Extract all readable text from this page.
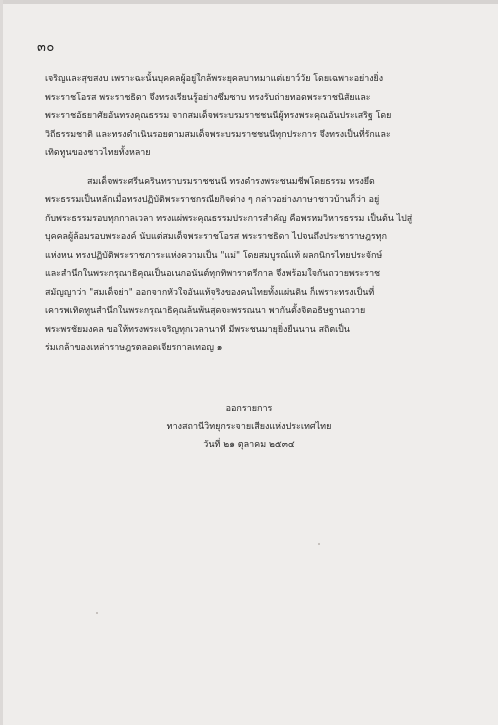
๓๐
เจริญและสุขสงบ เพราะฉะนั้นบุคคลผู้อยู่ใกล้พระยุคลบาทมาแต่เยาว์วัย โดยเฉพาะอย่างยิ่ง
พระราชโอรส พระราชธิดา จึงทรงเรียนรู้อย่างซึมซาบ ทรงรับถ่ายทอดพระราชนิสัยและ
พระราชอัธยาศัยอันทรงคุณธรรม จากสมเด็จพระบรมราชชนนีผู้ทรงพระคุณอันประเสริฐ โดย
วิถีธรรมชาติ และทรงดำเนินรอยตามสมเด็จพระบรมราชชนนีทุกประการ จึงทรงเป็นที่รักและ
เทิดทูนของชาวไทยทั้งหลาย
สมเด็จพระศรีนครินทราบรมราชชนนี ทรงดำรงพระชนมชีพโดยธรรม ทรงยึด
พระธรรมเป็นหลักเมื่อทรงปฏิบัติพระราชกรณียกิจต่าง ๆ กล่าวอย่างภาษาชาวบ้านก็ว่า อยู่
กับพระธรรมรอบทุกกาลเวลา ทรงแผ่พระคุณธรรมประการสำคัญ คือพรหมวิหารธรรม เป็นต้น ไปสู่
บุคคลผู้ล้อมรอบพระองค์ นับแต่สมเด็จพระราชโอรส พระราชธิดา ไปจนถึงประชาราษฎรทุก
แห่งหน ทรงปฏิบัติพระราชภาระแห่งความเป็น "แม่" โดยสมบูรณ์แท้ ผลกนิกรไทยประจักษ์
และสำนึกในพระกรุณาธิคุณเป็นอเนกอนันต์ทุกทิพาราตรีกาล จึงพร้อมใจกันถวายพระราช
สมัญญาว่า "สมเด็จย่า" ออกจากหัวใจอันแท้จริงของคนไทยทั้งแผ่นดิน ก็เพราะทรงเป็นที่
เคารพเทิดทูนสำนึกในพระกรุณาธิคุณล้นพ้นสุดจะพรรณนา พากันตั้งจิตอธิษฐานถวาย
พระพรชัยมงคล ขอให้ทรงพระเจริญทุกเวลานาที มีพระชนมายุยิ่งยืนนาน สถิตเป็น
ร่มเกล้าของเหล่าราษฎรตลอดเจียรกาลเทอญ ๑
ออกรายการ
ทางสถานีวิทยุกระจายเสียงแห่งประเทศไทย
วันที่ ๒๑ ตุลาคม ๒๕๓๔
